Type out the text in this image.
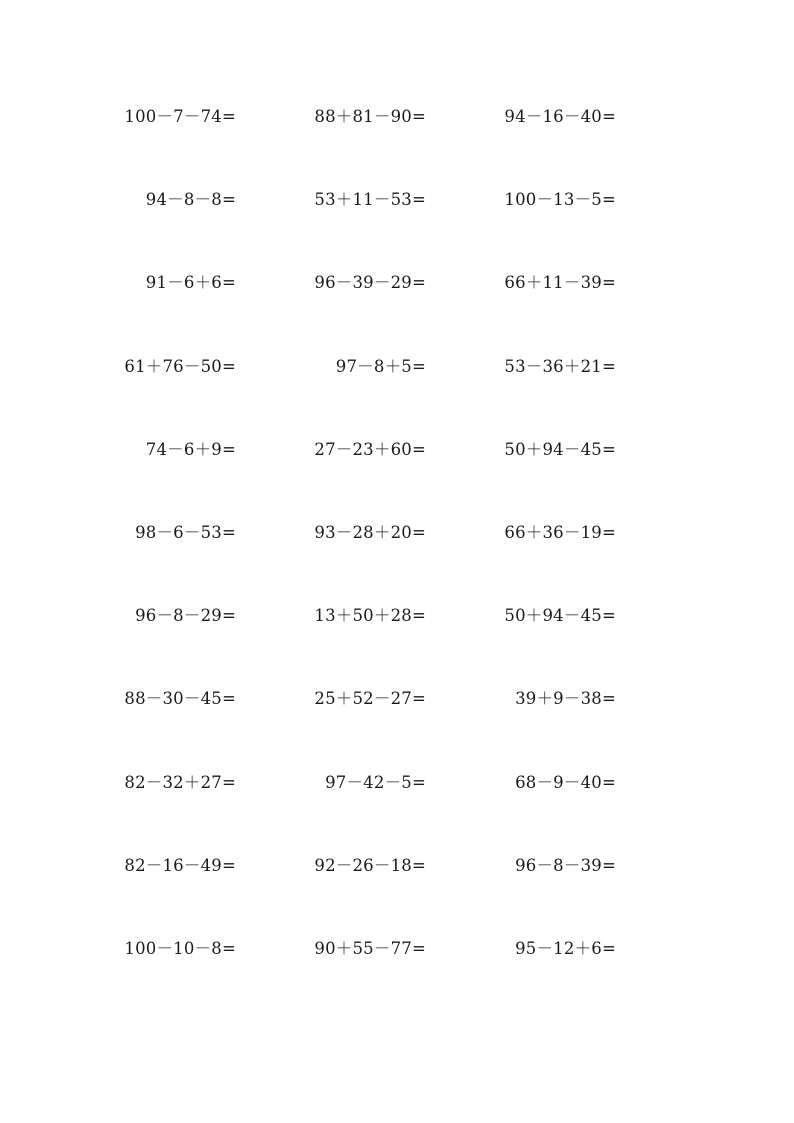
100－7－74=	88＋81－90=	94－16－40=
94－8－8=	53＋11－53=	100－13－5=
91－6＋6=	96－39－29=	66＋11－39=
61＋76－50=	97－8＋5=	53－36＋21=
74－6＋9=	27－23＋60=	50＋94－45=
98－6－53=	93－28＋20=	66＋36－19=
96－8－29=	13＋50＋28=	50＋94－45=
88－30－45=	25＋52－27=	39＋9－38=
82－32＋27=	97－42－5=	68－9－40=
82－16－49=	92－26－18=	96－8－39=
100－10－8=	90＋55－77=	95－12＋6=
